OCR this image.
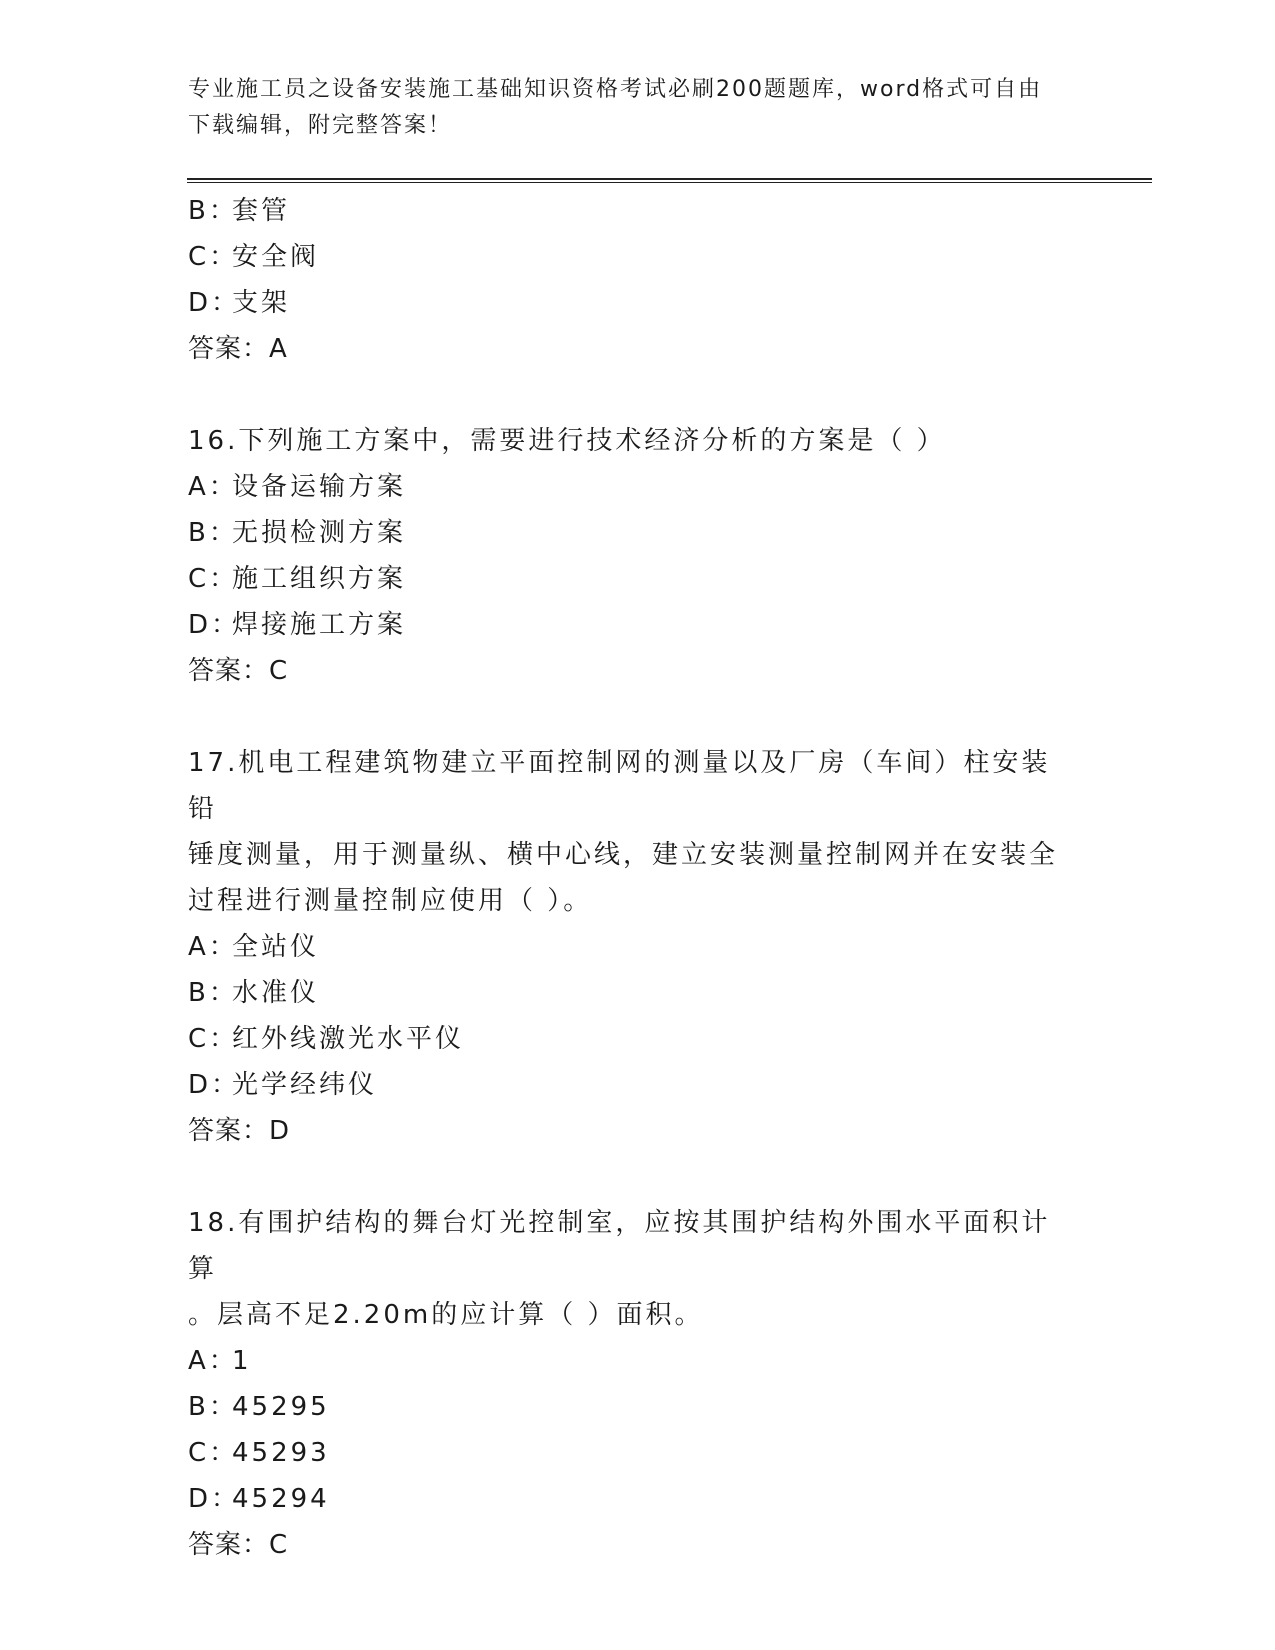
专业施工员之设备安装施工基础知识资格考试必刷200题题库，word格式可自由
下载编辑，附完整答案！
B：套管
C：安全阀
D：支架
答案：A
16.下列施工方案中，需要进行技术经济分析的方案是（ ）
A：设备运输方案
B：无损检测方案
C：施工组织方案
D：焊接施工方案
答案：C
17.机电工程建筑物建立平面控制网的测量以及厂房（车间）柱安装铅
锤度测量，用于测量纵、横中心线，建立安装测量控制网并在安装全
过程进行测量控制应使用（ ）。
A：全站仪
B：水准仪
C：红外线激光水平仪
D：光学经纬仪
答案：D
18.有围护结构的舞台灯光控制室，应按其围护结构外围水平面积计算
。层高不足2.20m的应计算（ ）面积。
A：1
B：45295
C：45293
D：45294
答案：C
